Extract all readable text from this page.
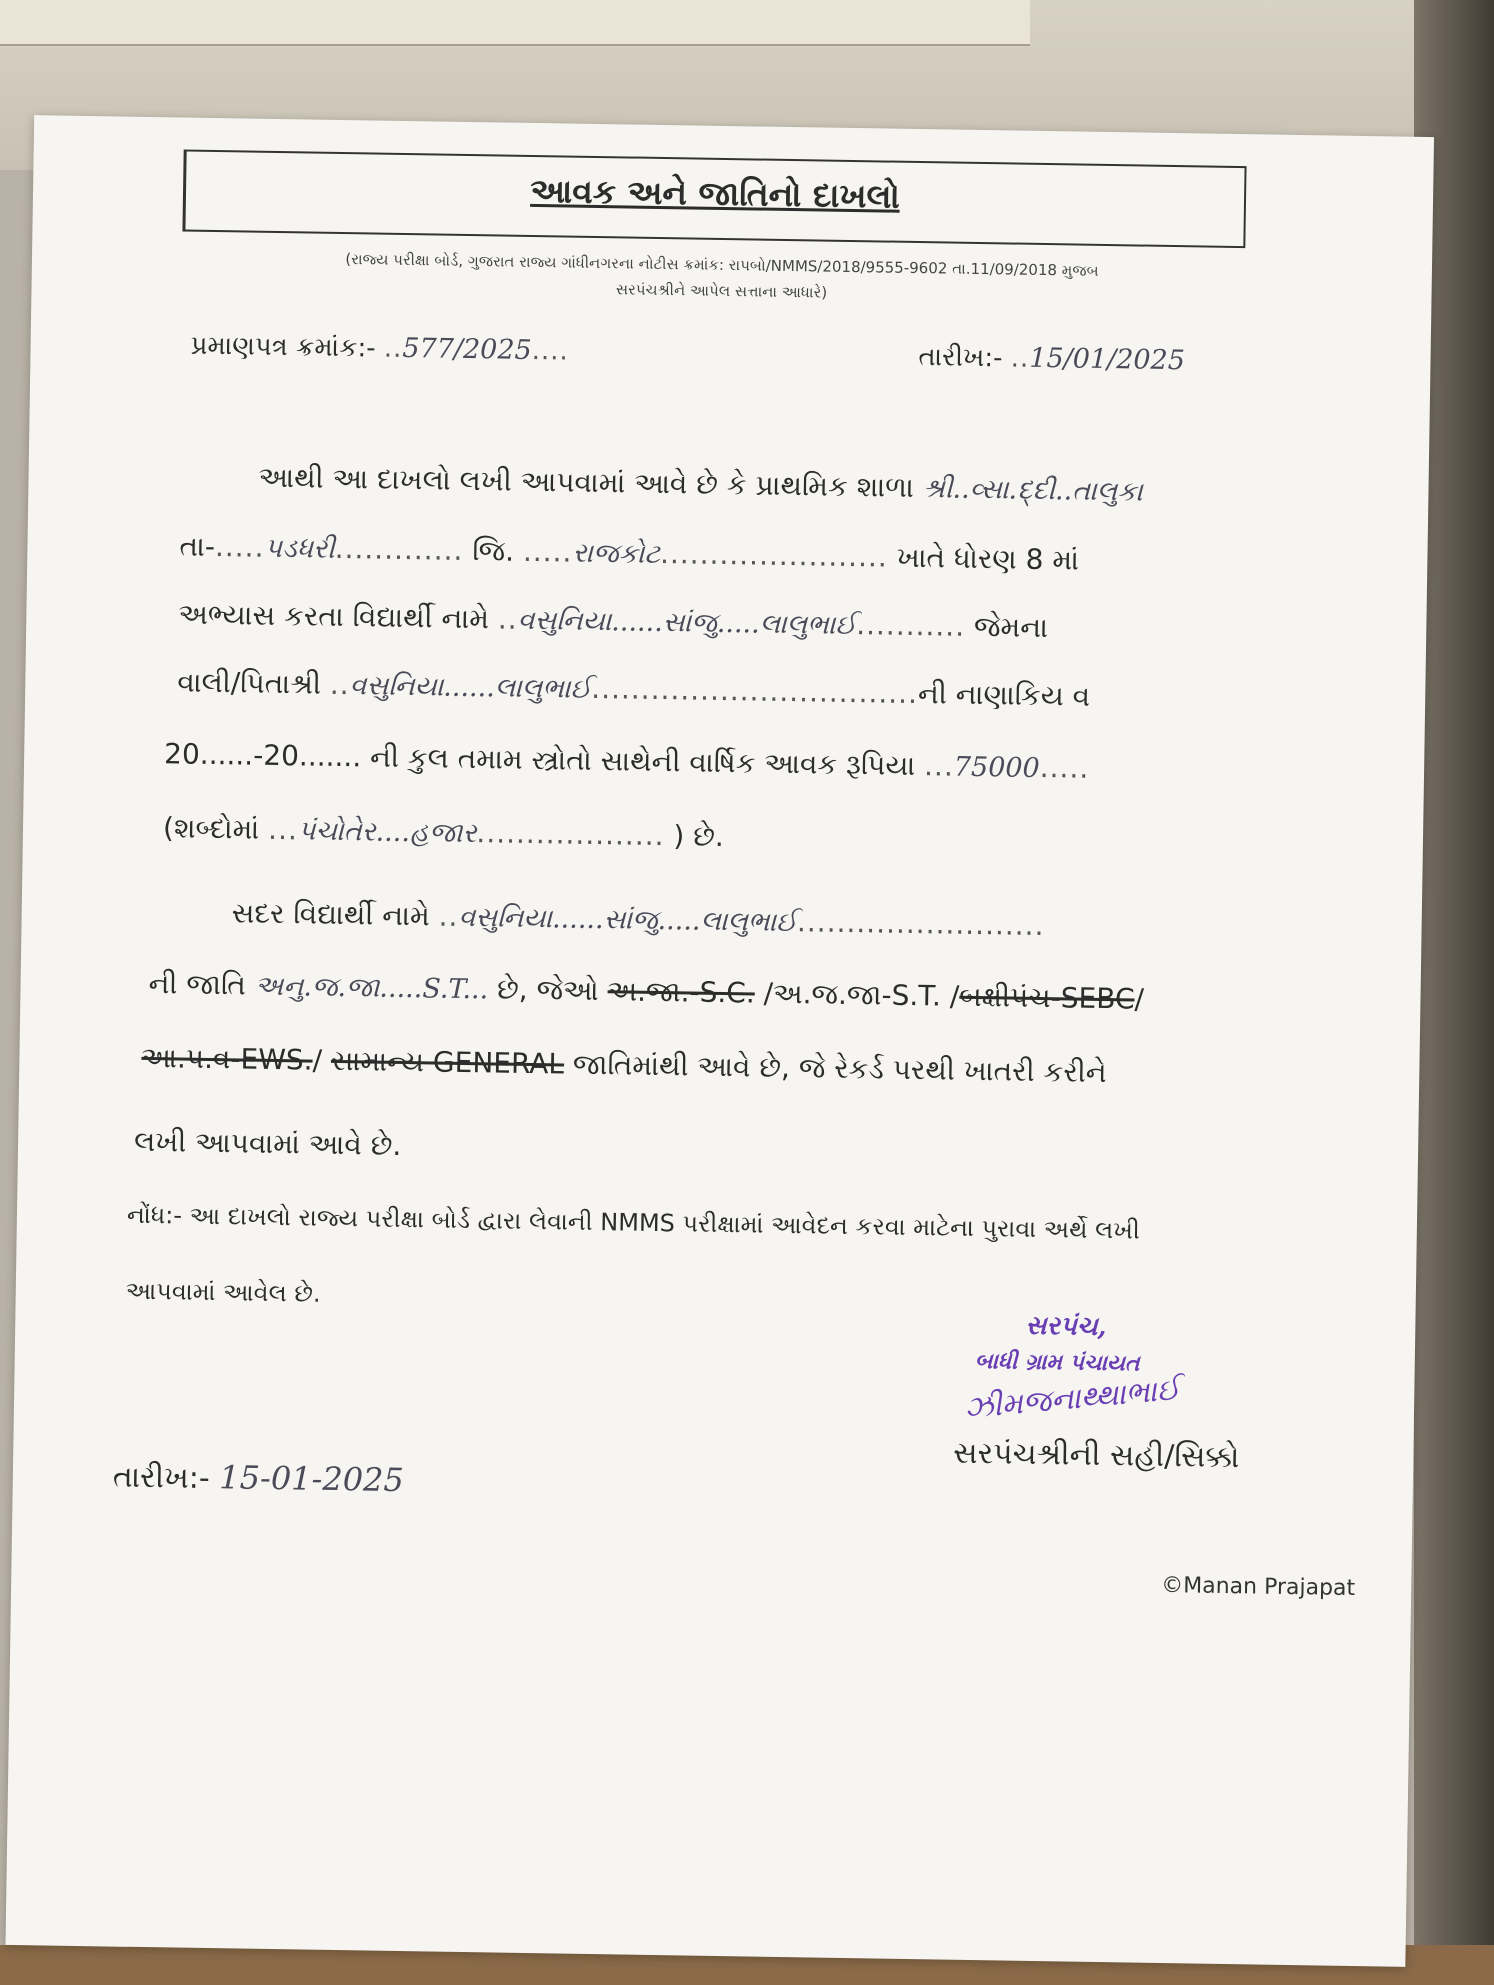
આવક અને જાતિનો દાખલો
(રાજ્ય પરીક્ષા બોર્ડ, ગુજરાત રાજ્ય ગાંધીનગરના નોટીસ ક્રમાંક: રાપબો/NMMS/2018/9555-9602 તા.11/09/2018 મુજબ
સરપંચશ્રીને આપેલ સત્તાના આધારે)
પ્રમાણપત્ર ક્રમાંક:- ..577/2025....	તારીખ:- ..15/01/2025
આથી આ દાખલો લખી આપવામાં આવે છે કે પ્રાથમિક શાળા શ્રી..વ્સા.દ્દી..તાલુકા
તા-.....પડધરી............. જિ. .....રાજકોટ....................... ખાતે ધોરણ 8 માં
અભ્યાસ કરતા વિદ્યાર્થી નામે ..વસુનિયા......સાંજુ.....લાલુભાઈ........... જેમના
વાલી/પિતાશ્રી ..વસુનિયા......લાલુભાઈ.................................ની નાણાકિય વ
20......-20....... ની કુલ તમામ સ્ત્રોતો સાથેની વાર્ષિક આવક રૂપિયા ...75000.....
(શબ્દોમાં ...પંચોતેર....હજાર................... ) છે.
સદર વિદ્યાર્થી નામે ..વસુનિયા......સાંજુ.....લાલુભાઈ.........................
ની જાતિ અનુ.જ.જા.....S.T... છે, જેઓ અ.જા.-S.C. /અ.જ.જા-S.T. /બક્ષીપંચ-SEBC/
આ.પ.વ-EWS./ સામાન્ય GENERAL જાતિમાંથી આવે છે, જે રેકર્ડ પરથી ખાતરી કરીને
લખી આપવામાં આવે છે.
નોંધ:- આ દાખલો રાજ્ય પરીક્ષા બોર્ડ દ્વારા લેવાની NMMS પરીક્ષામાં આવેદન કરવા માટેના પુરાવા અર્થે લખી
આપવામાં આવેલ છે.
સરપંચ,
બાધી ગ્રામ પંચાયત
ઝીમજનાથ્થાભાઈ
સરપંચશ્રીની સહી/સિક્કો
તારીખ:- 15-01-2025
©Manan Prajapat
